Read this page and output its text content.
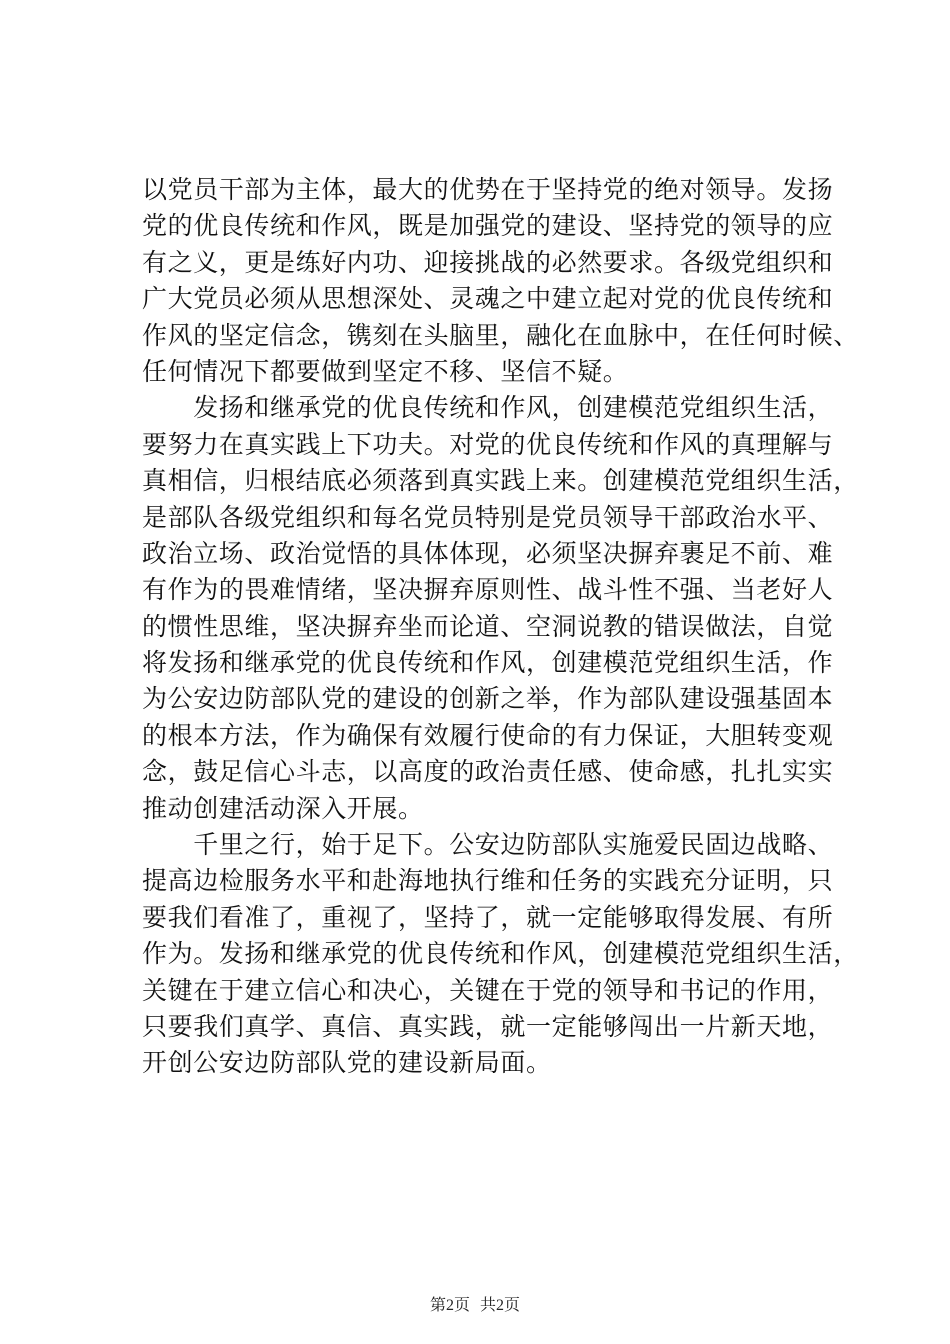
以党员干部为主体，最大的优势在于坚持党的绝对领导。发扬
党的优良传统和作风，既是加强党的建设、坚持党的领导的应
有之义，更是练好内功、迎接挑战的必然要求。各级党组织和
广大党员必须从思想深处、灵魂之中建立起对党的优良传统和
作风的坚定信念，镌刻在头脑里，融化在血脉中，在任何时候、
任何情况下都要做到坚定不移、坚信不疑。
　　发扬和继承党的优良传统和作风，创建模范党组织生活，
要努力在真实践上下功夫。对党的优良传统和作风的真理解与
真相信，归根结底必须落到真实践上来。创建模范党组织生活，
是部队各级党组织和每名党员特别是党员领导干部政治水平、
政治立场、政治觉悟的具体体现，必须坚决摒弃裹足不前、难
有作为的畏难情绪，坚决摒弃原则性、战斗性不强、当老好人
的惯性思维，坚决摒弃坐而论道、空洞说教的错误做法，自觉
将发扬和继承党的优良传统和作风，创建模范党组织生活，作
为公安边防部队党的建设的创新之举，作为部队建设强基固本
的根本方法，作为确保有效履行使命的有力保证，大胆转变观
念，鼓足信心斗志，以高度的政治责任感、使命感，扎扎实实
推动创建活动深入开展。
　　千里之行，始于足下。公安边防部队实施爱民固边战略、
提高边检服务水平和赴海地执行维和任务的实践充分证明，只
要我们看准了，重视了，坚持了，就一定能够取得发展、有所
作为。发扬和继承党的优良传统和作风，创建模范党组织生活，
关键在于建立信心和决心，关键在于党的领导和书记的作用，
只要我们真学、真信、真实践，就一定能够闯出一片新天地，
开创公安边防部队党的建设新局面。
第2页 共2页
